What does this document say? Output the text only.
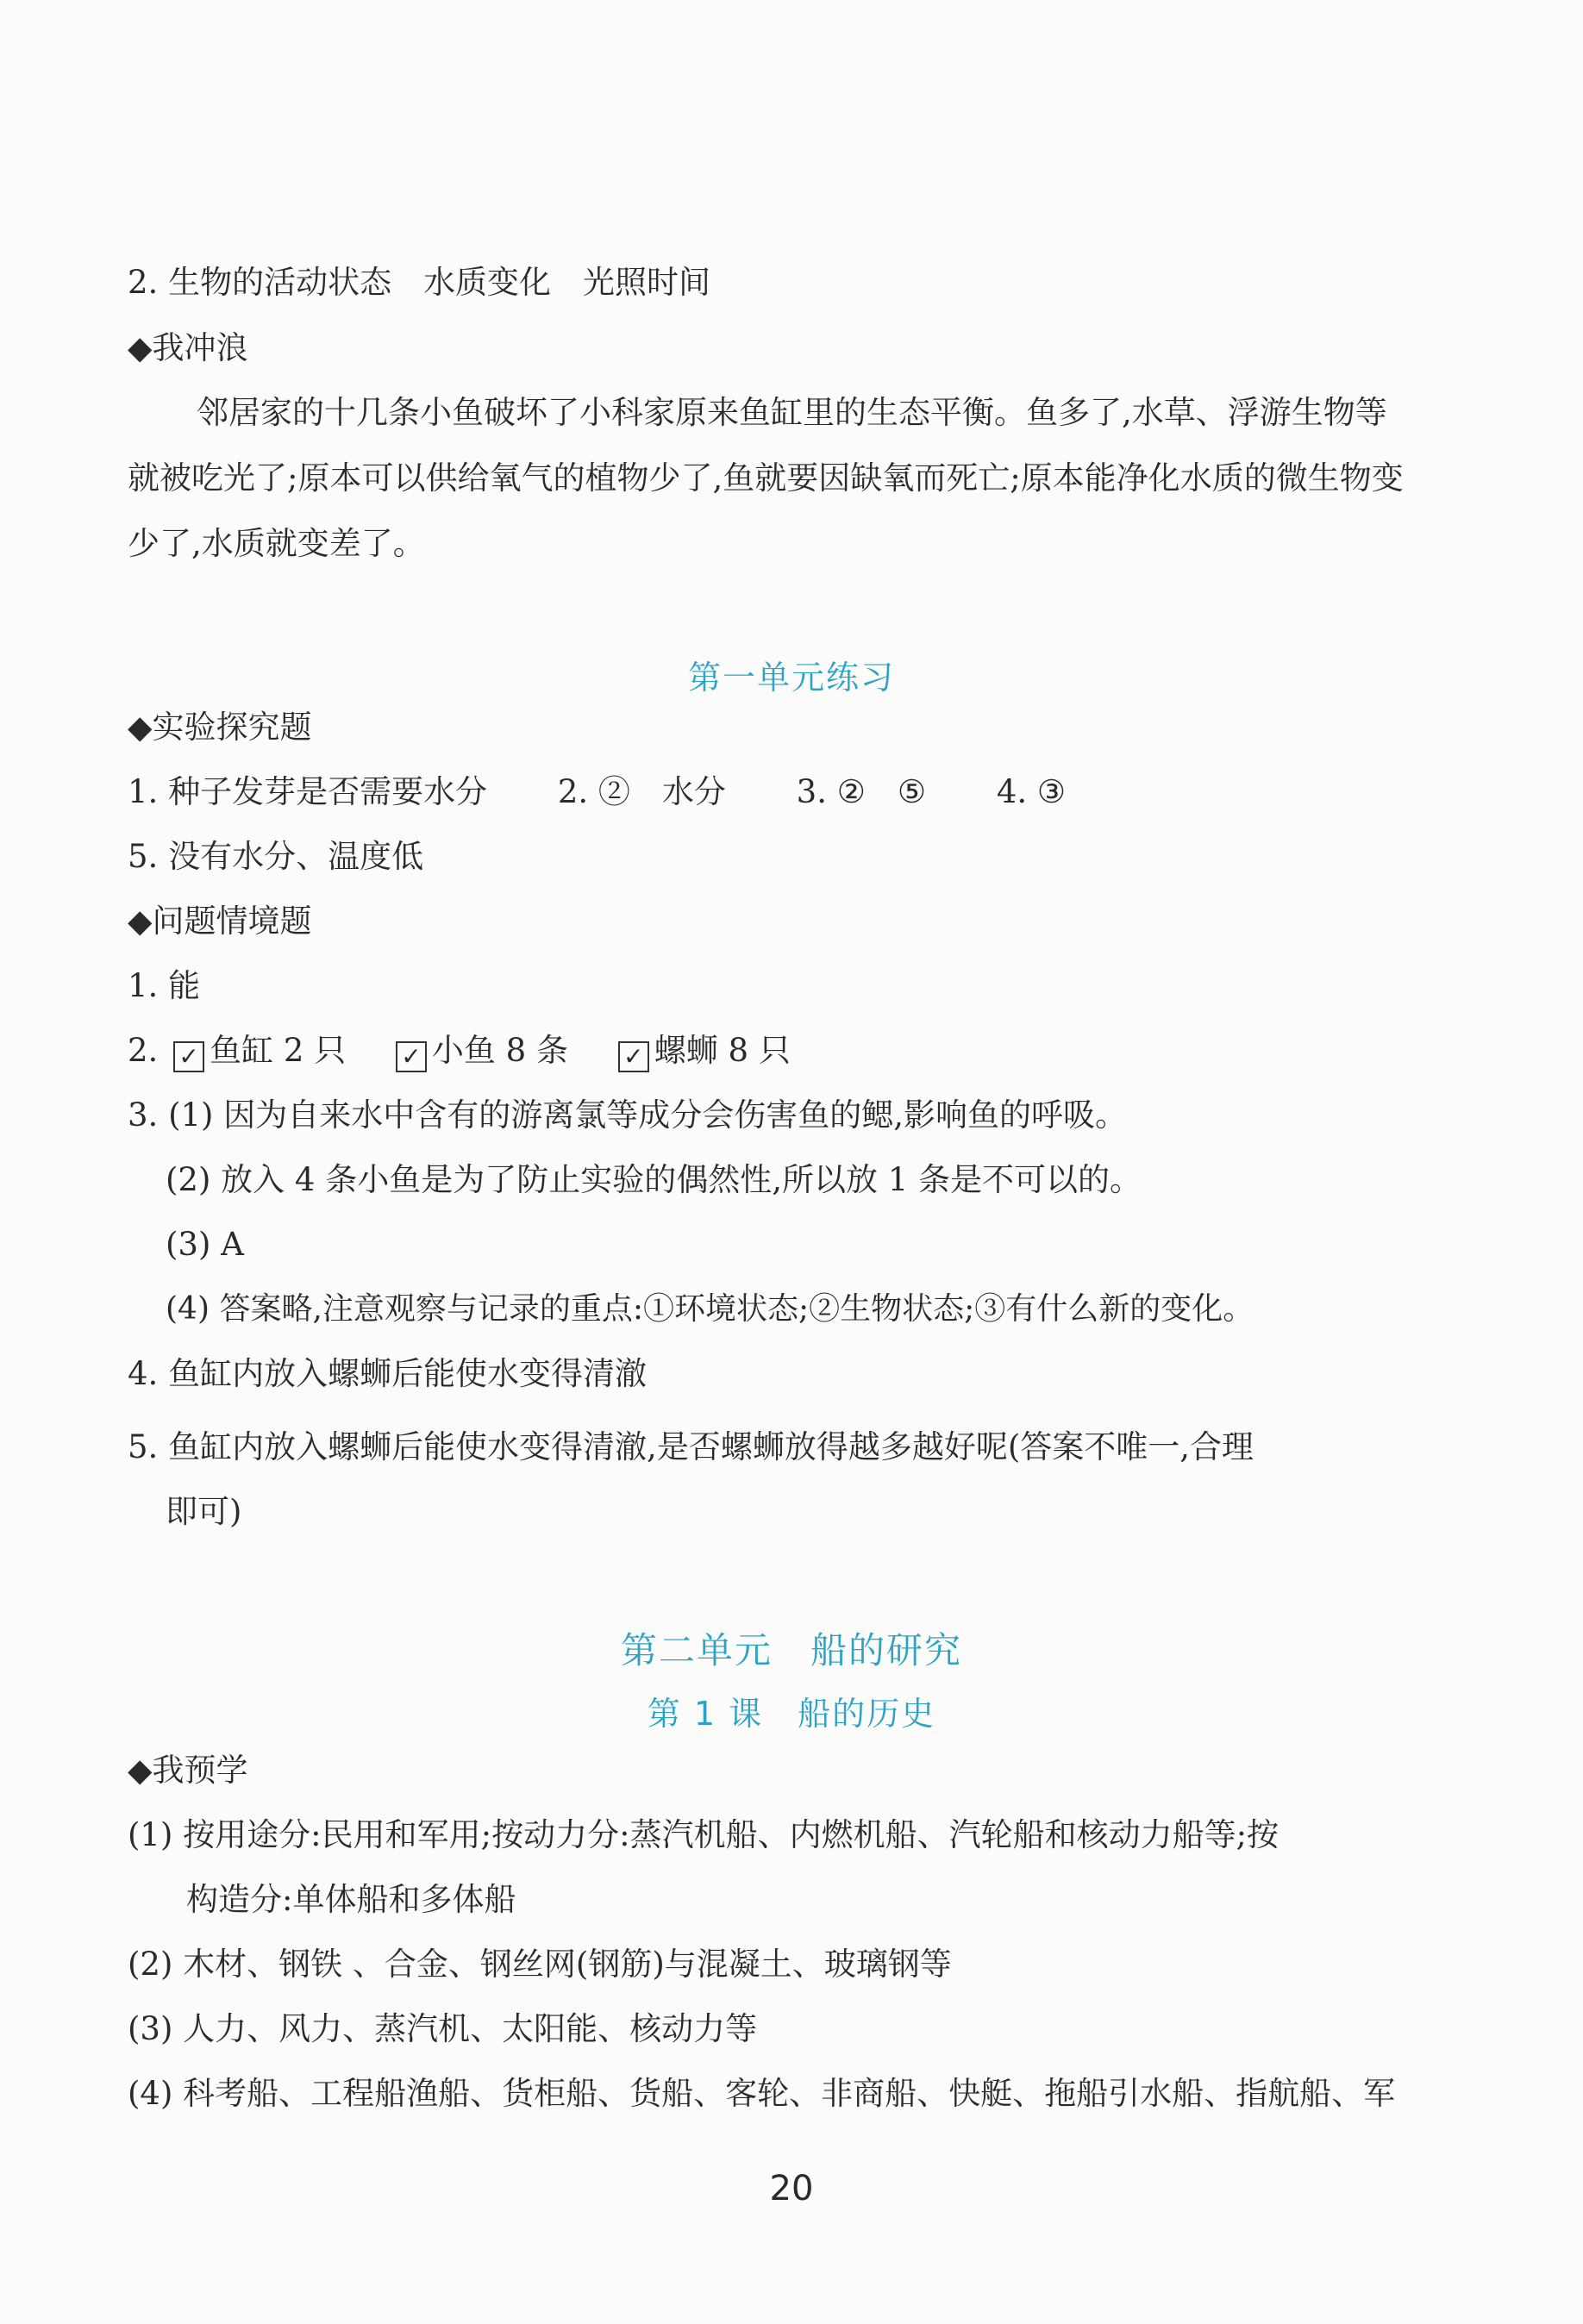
2. 生物的活动状态　水质变化　光照时间
◆我冲浪
邻居家的十几条小鱼破坏了小科家原来鱼缸里的生态平衡。鱼多了,水草、浮游生物等就被吃光了;原本可以供给氧气的植物少了,鱼就要因缺氧而死亡;原本能净化水质的微生物变少了,水质就变差了。
第一单元练习
◆实验探究题
1. 种子发芽是否需要水分 2. ②　水分 3. ②　⑤ 4. ③
5. 没有水分、温度低
◆问题情境题
1. 能
2. ✓ 鱼缸 2 只 ✓ 小鱼 8 条 ✓ 螺蛳 8 只
3. (1) 因为自来水中含有的游离氯等成分会伤害鱼的鳃,影响鱼的呼吸。
(2) 放入 4 条小鱼是为了防止实验的偶然性,所以放 1 条是不可以的。
(3) A
(4) 答案略,注意观察与记录的重点:①环境状态;②生物状态;③有什么新的变化。
4. 鱼缸内放入螺蛳后能使水变得清澈
5. 鱼缸内放入螺蛳后能使水变得清澈,是否螺蛳放得越多越好呢(答案不唯一,合理
即可)
第二单元　船的研究
第 1 课　船的历史
◆我预学
(1) 按用途分:民用和军用;按动力分:蒸汽机船、内燃机船、汽轮船和核动力船等;按
构造分:单体船和多体船
(2) 木材、钢铁 、合金、钢丝网(钢筋)与混凝土、玻璃钢等
(3) 人力、风力、蒸汽机、太阳能、核动力等
(4) 科考船、工程船渔船、货柜船、货船、客轮、非商船、快艇、拖船引水船、指航船、军
20
